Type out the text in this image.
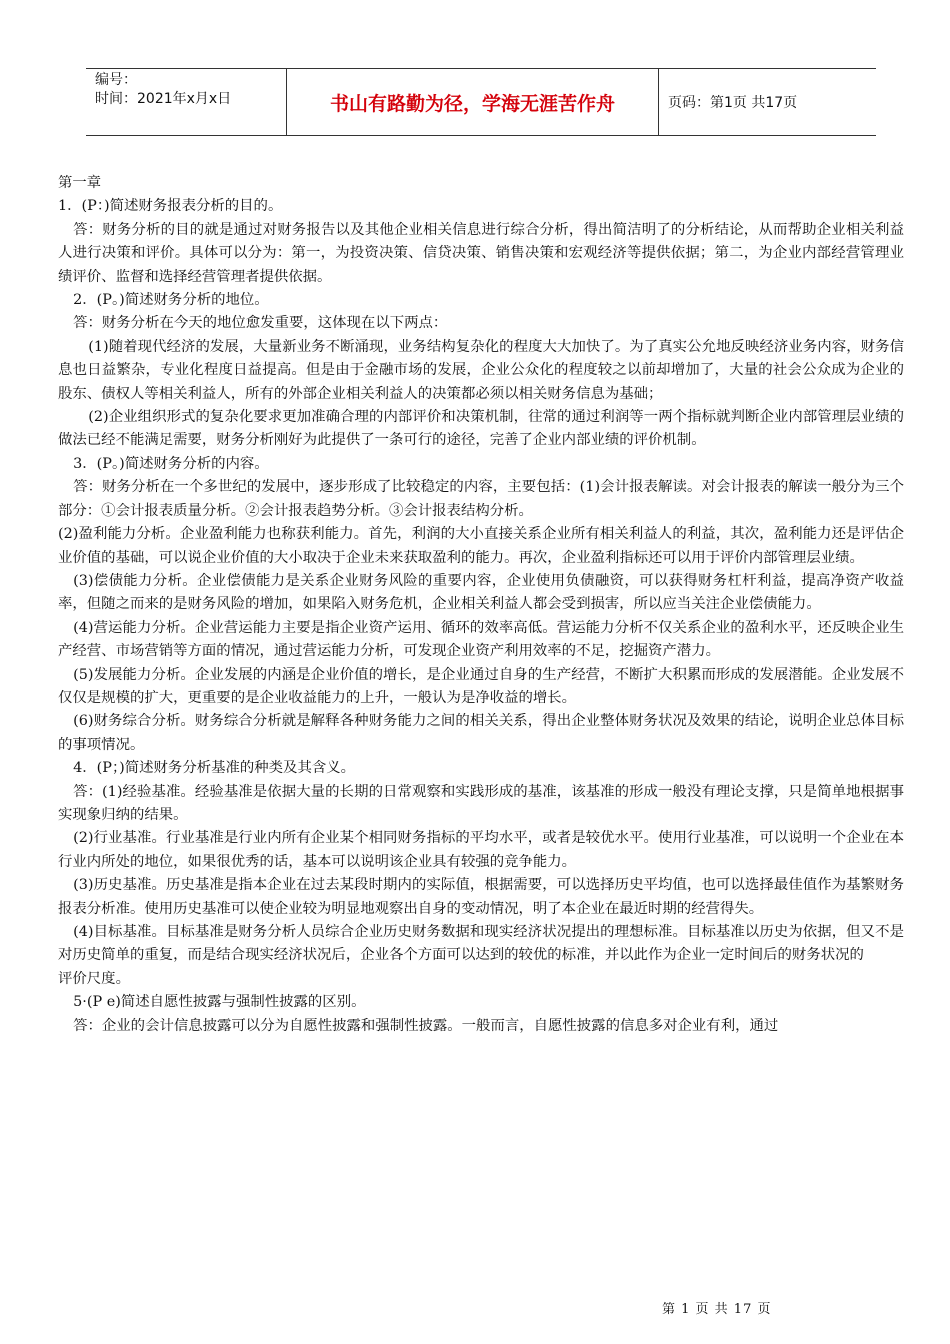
编号：
时间：2021年x月x日	书山有路勤为径，学海无涯苦作舟	页码：第1页 共17页

第一章

1．(P：)简述财务报表分析的目的。

答：财务分析的目的就是通过对财务报告以及其他企业相关信息进行综合分析，得出简洁明了的分析结论，从而帮助企业相关利益人进行决策和评价。具体可以分为：第一，为投资决策、信贷决策、销售决策和宏观经济等提供依据；第二，为企业内部经营管理业绩评价、监督和选择经营管理者提供依据。

2．(P。)简述财务分析的地位。

答：财务分析在今天的地位愈发重要，这体现在以下两点：

(1)随着现代经济的发展，大量新业务不断涌现，业务结构复杂化的程度大大加快了。为了真实公允地反映经济业务内容，财务信息也日益繁杂，专业化程度日益提高。但是由于金融市场的发展，企业公众化的程度较之以前却增加了，大量的社会公众成为企业的股东、债权人等相关利益人，所有的外部企业相关利益人的决策都必须以相关财务信息为基础；

(2)企业组织形式的复杂化要求更加准确合理的内部评价和决策机制，往常的通过利润等一两个指标就判断企业内部管理层业绩的做法已经不能满足需要，财务分析刚好为此提供了一条可行的途径，完善了企业内部业绩的评价机制。

3．(P。)简述财务分析的内容。

答：财务分析在一个多世纪的发展中，逐步形成了比较稳定的内容，主要包括：(1)会计报表解读。对会计报表的解读一般分为三个部分：①会计报表质量分析。②会计报表趋势分析。③会计报表结构分析。

(2)盈利能力分析。企业盈利能力也称获利能力。首先，利润的大小直接关系企业所有相关利益人的利益，其次，盈利能力还是评估企业价值的基础，可以说企业价值的大小取决于企业未来获取盈利的能力。再次，企业盈利指标还可以用于评价内部管理层业绩。

(3)偿债能力分析。企业偿债能力是关系企业财务风险的重要内容，企业使用负债融资，可以获得财务杠杆利益，提高净资产收益率，但随之而来的是财务风险的增加，如果陷入财务危机，企业相关利益人都会受到损害，所以应当关注企业偿债能力。

(4)营运能力分析。企业营运能力主要是指企业资产运用、循环的效率高低。营运能力分析不仅关系企业的盈利水平，还反映企业生产经营、市场营销等方面的情况，通过营运能力分析，可发现企业资产利用效率的不足，挖掘资产潜力。

(5)发展能力分析。企业发展的内涵是企业价值的增长，是企业通过自身的生产经营，不断扩大积累而形成的发展潜能。企业发展不仅仅是规模的扩大，更重要的是企业收益能力的上升，一般认为是净收益的增长。

(6)财务综合分析。财务综合分析就是解释各种财务能力之间的相关关系，得出企业整体财务状况及效果的结论，说明企业总体目标的事项情况。

4．(P；)简述财务分析基准的种类及其含义。

答：(1)经验基准。经验基准是依据大量的长期的日常观察和实践形成的基准，该基准的形成一般没有理论支撑，只是简单地根据事实现象归纳的结果。

(2)行业基准。行业基准是行业内所有企业某个相同财务指标的平均水平，或者是较优水平。使用行业基准，可以说明一个企业在本行业内所处的地位，如果很优秀的话，基本可以说明该企业具有较强的竞争能力。

(3)历史基准。历史基准是指本企业在过去某段时期内的实际值，根据需要，可以选择历史平均值，也可以选择最佳值作为基繁财务报表分析准。使用历史基准可以使企业较为明显地观察出自身的变动情况，明了本企业在最近时期的经营得失。

(4)目标基准。目标基准是财务分析人员综合企业历史财务数据和现实经济状况提出的理想标准。目标基准以历史为依据，但又不是对历史简单的重复，而是结合现实经济状况后，企业各个方面可以达到的较优的标准，并以此作为企业一定时间后的财务状况的

评价尺度。

5·(P e)简述自愿性披露与强制性披露的区别。

答：企业的会计信息披露可以分为自愿性披露和强制性披露。一般而言，自愿性披露的信息多对企业有利，通过

第 1 页 共 17 页
